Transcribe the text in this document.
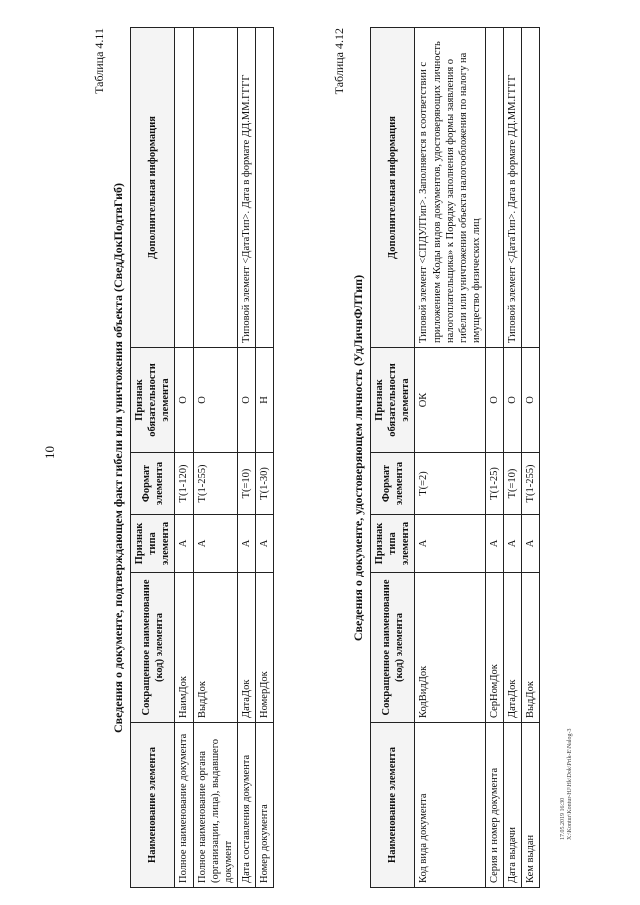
10
Таблица 4.11
Сведения о документе, подтверждающем факт гибели или уничтожения объекта (СведДокПодтвГиб)
Наименование элемента	Сокращенное наименование (код) элемента	Признак типа элемента	Формат элемента	Признак обязательности элемента	Дополнительная информация
Полное наименование документа	НаимДок	А	Т(1-120)	О	
Полное наименование органа (организации, лица), выдавшего документ	ВыдДок	А	Т(1-255)	О	
Дата составления документа	ДатаДок	А	Т(=10)	О	Типовой элемент <ДатаТип>. Дата в формате ДД.ММ.ГГГГ
Номер документа	НомерДок	А	Т(1-30)	Н	
Таблица 4.12
Сведения о документе, удостоверяющем личность (УдЛичнФЛТип)
Наименование элемента	Сокращенное наименование (код) элемента	Признак типа элемента	Формат элемента	Признак обязательности элемента	Дополнительная информация
Код вида документа	КодВидДок	А	Т(=2)	ОК	Типовой элемент <СПДУЛТип>. Заполняется в соответствии с приложением «Коды видов документов, удостоверяющих личность налогоплательщика» к Порядку заполнения формы заявления о гибели или уничтожении объекта налогообложения по налогу на имущество физических лиц
Серия и номер документа	СерНомДок	А	Т(1-25)	О	
Дата выдачи	ДатаДок	А	Т(=10)	О	Типовой элемент <ДатаТип>. Дата в формате ДД.ММ.ГГГГ
Кем выдан	ВыдДок	А	Т(1-255)	О	
17.05.2019 16:30 X:\Kontur\Kontur-HJ\Hk\Dok\Prik-E\Nalog-3
